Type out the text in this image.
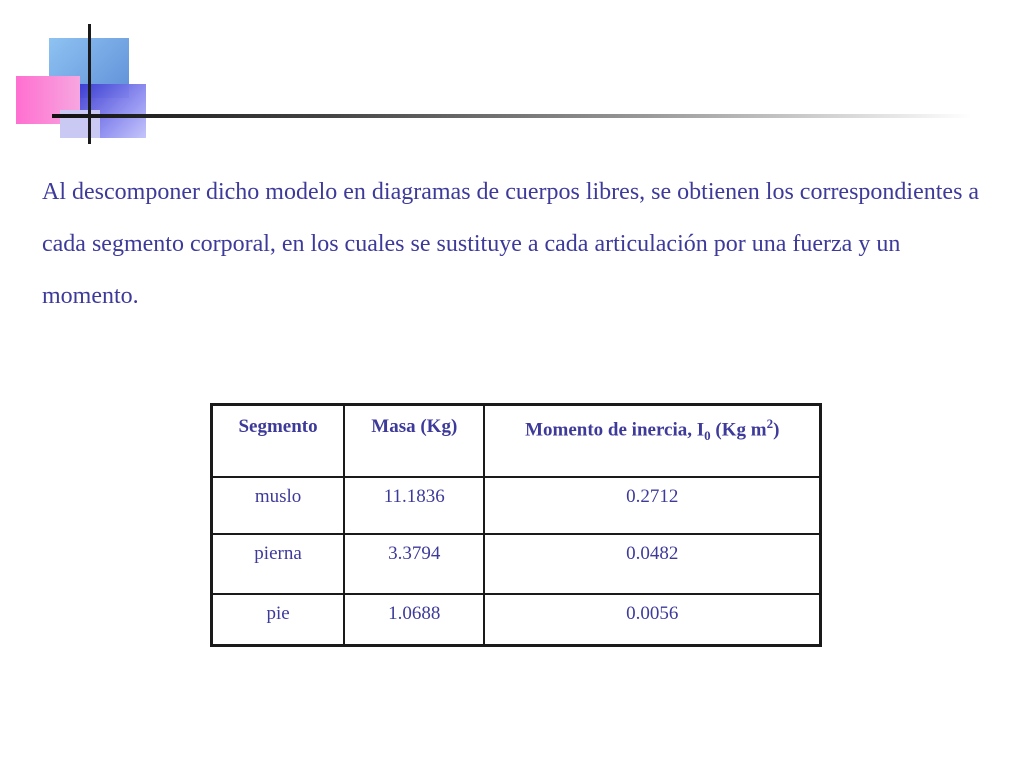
Al descomponer dicho modelo en diagramas de cuerpos libres, se obtienen los correspondientes a cada segmento corporal, en los cuales se sustituye a cada articulación por una fuerza y un momento.

Segmento	Masa (Kg)	Momento de inercia, $I_0$ (Kg $m^2$)
muslo	11.1836	0.2712
pierna	3.3794	0.0482
pie	1.0688	0.0056
